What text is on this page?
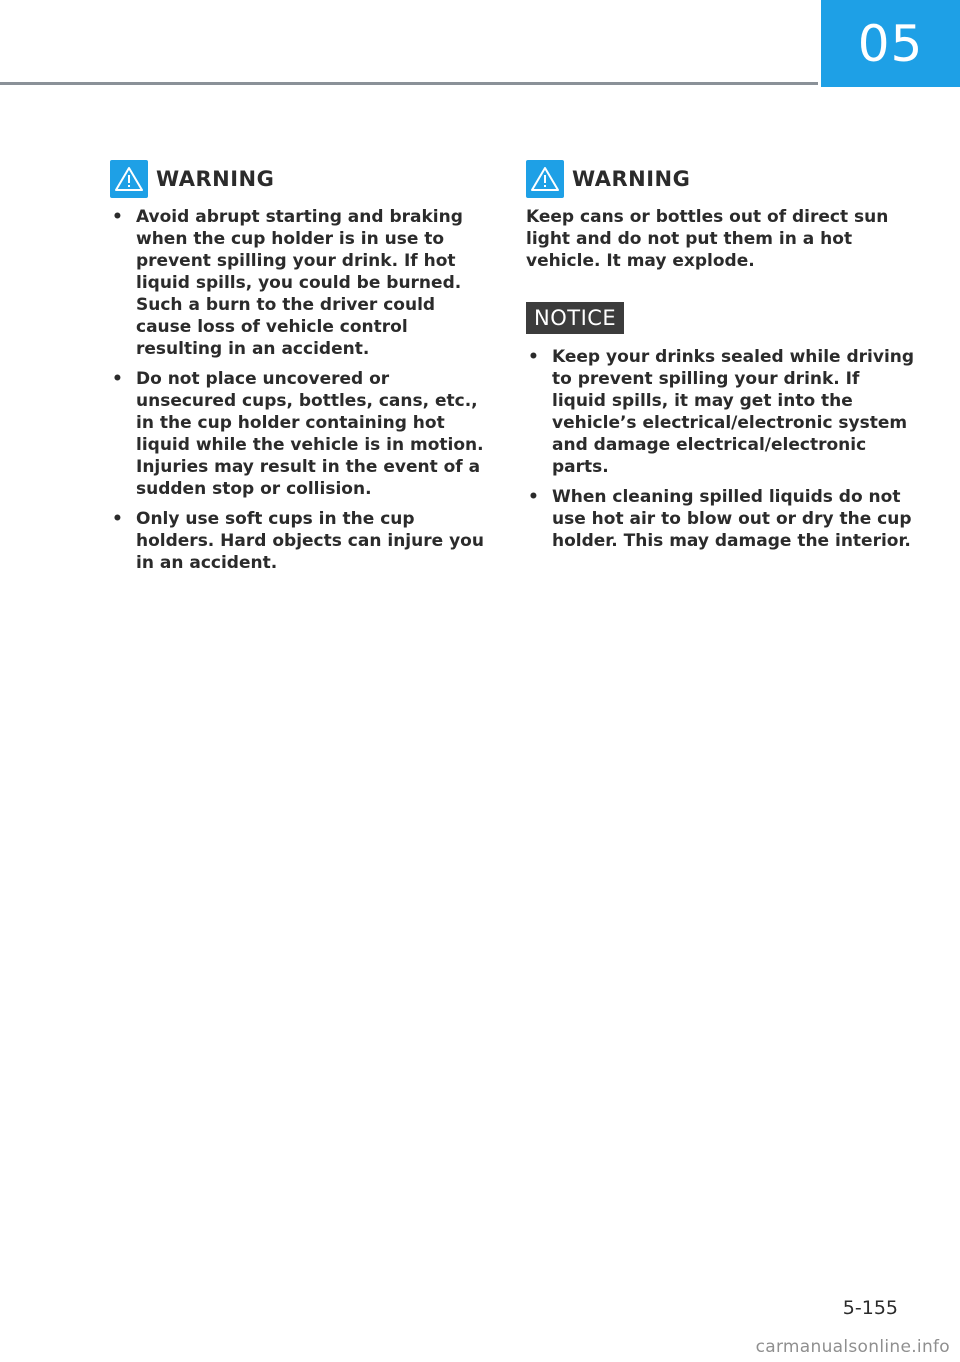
05
WARNING
• Avoid abrupt starting and braking when the cup holder is in use to prevent spilling your drink. If hot liquid spills, you could be burned. Such a burn to the driver could cause loss of vehicle control resulting in an accident.
• Do not place uncovered or unsecured cups, bottles, cans, etc., in the cup holder containing hot liquid while the vehicle is in motion. Injuries may result in the event of a sudden stop or collision.
• Only use soft cups in the cup holders. Hard objects can injure you in an accident.
WARNING

Keep cans or bottles out of direct sun light and do not put them in a hot vehicle. It may explode.

NOTICE
• Keep your drinks sealed while driving to prevent spilling your drink. If liquid spills, it may get into the vehicle’s electrical/electronic system and damage electrical/electronic parts.
• When cleaning spilled liquids do not use hot air to blow out or dry the cup holder. This may damage the interior.
5-155
carmanualsonline.info
